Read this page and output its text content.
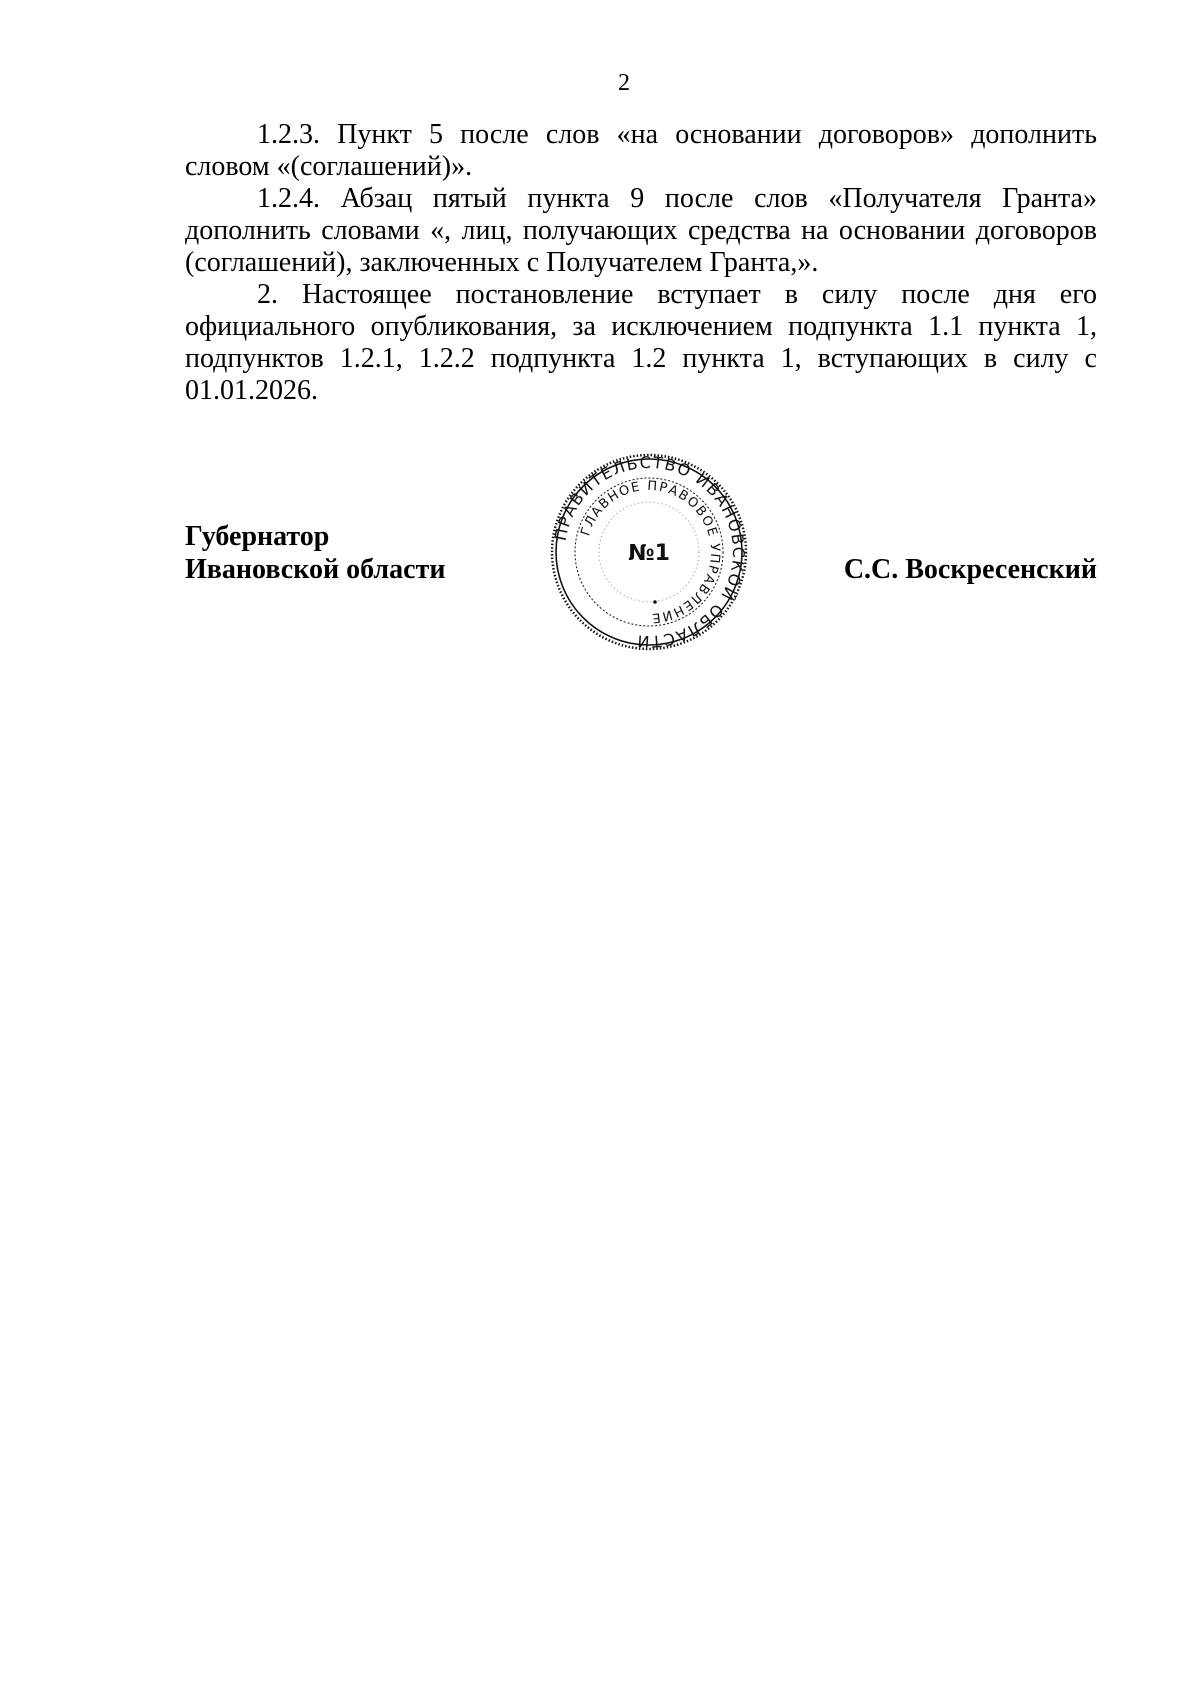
2

1.2.3. Пункт 5 после слов «на основании договоров» дополнить словом «(соглашений)».

1.2.4. Абзац пятый пункта 9 после слов «Получателя Гранта» дополнить словами «, лиц, получающих средства на основании договоров (соглашений), заключенных с Получателем Гранта,».

2. Настоящее постановление вступает в силу после дня его официального опубликования, за исключением подпункта 1.1 пункта 1, подпунктов 1.2.1, 1.2.2 подпункта 1.2 пункта 1, вступающих в силу с 01.01.2026.

Губернатор
Ивановской области	С.С. Воскресенский
ПРАВИТЕЛЬСТВО ИВАНОВСКОЙ ОБЛАСТИ
ГЛАВНОЕ ПРАВОВОЕ УПРАВЛЕНИЕ
№1
